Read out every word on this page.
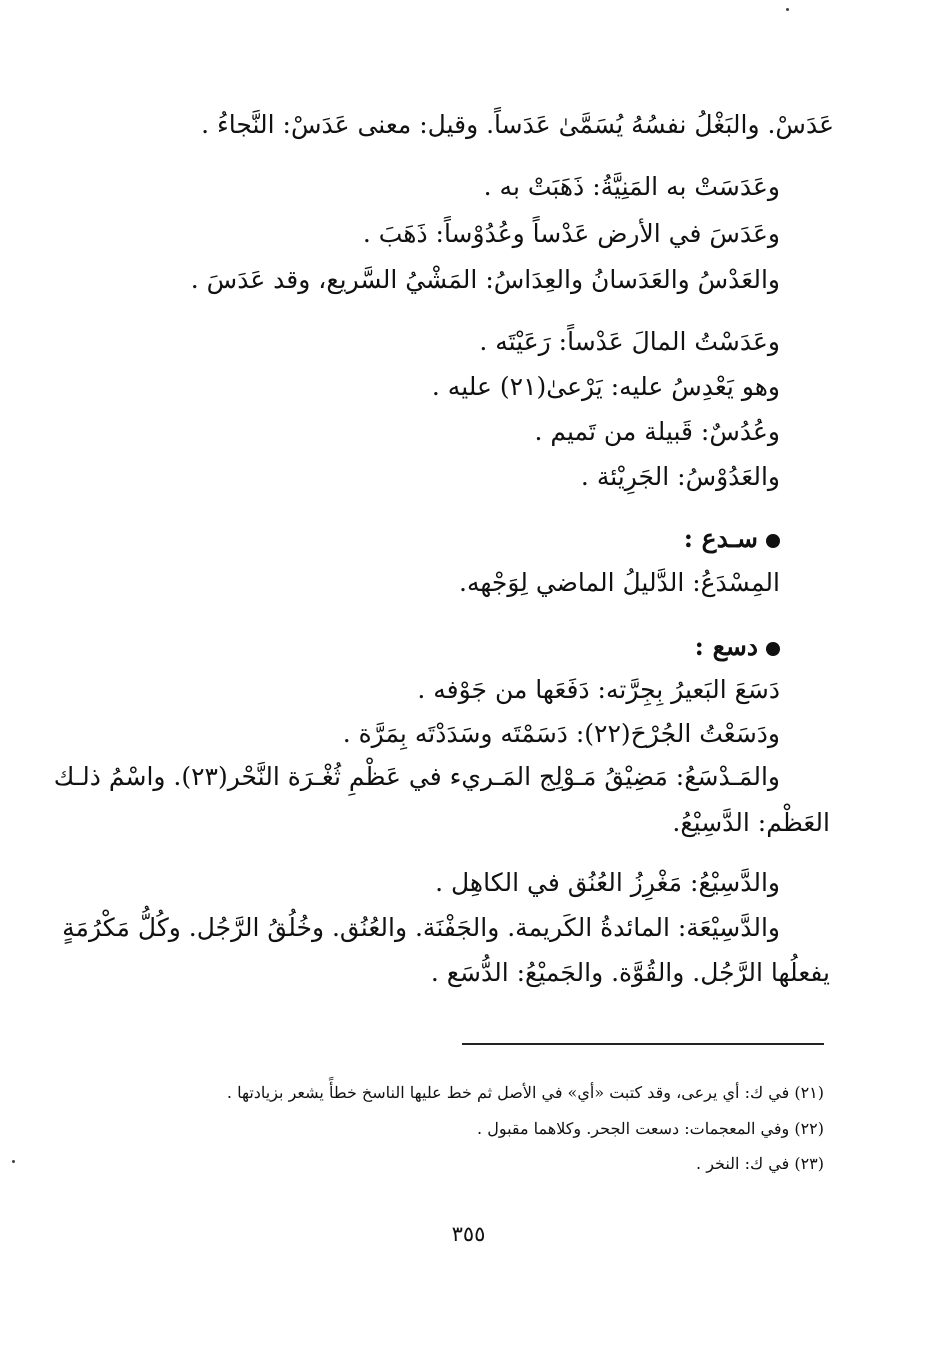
عَدَسْ. والبَغْلُ نفسُهُ يُسَمَّىٰ عَدَساً. وقيل: معنى عَدَسْ: النَّجاءُ .
وعَدَسَتْ به المَنِيَّةُ: ذَهَبَتْ به .
وعَدَسَ في الأرض عَدْساً وعُدُوْساً: ذَهَبَ .
والعَدْسُ والعَدَسانُ والعِدَاسُ: المَشْيُ السَّريع، وقد عَدَسَ .
وعَدَسْتُ المالَ عَدْساً: رَعَيْتَه .
وهو يَعْدِسُ عليه: يَرْعىٰ(٢١) عليه .
وعُدُسٌ: قَبيلة من تَميم .
والعَدُوْسُ: الجَرِيْئة .
سـدع :
المِسْدَعُ: الدَّليلُ الماضي لِوَجْهه.
دسع :
دَسَعَ البَعيرُ بِجِرَّته: دَفَعَها من جَوْفه .
ودَسَعْتُ الجُرْحَ(٢٢): دَسَمْتَه وسَدَدْتَه بِمَرَّة .
والمَـدْسَعُ: مَضِيْقُ مَـوْلِج المَـريء في عَظْمِ ثُغْـرَة النَّحْر(٢٣). واسْمُ ذلـك
العَظْم: الدَّسِيْعُ.
والدَّسِيْعُ: مَغْرِزُ العُنُق في الكاهِل .
والدَّسِيْعَة: المائدةُ الكَريمة. والجَفْنَة. والعُنُق. وخُلُقُ الرَّجُل. وكُلُّ مَكْرُمَةٍ
يفعلُها الرَّجُل. والقُوَّة. والجَميْعُ: الدُّسَع .
(٢١) في ك: أي يرعى، وقد كتبت «أي» في الأصل ثم خط عليها الناسخ خطأً يشعر بزيادتها .
(٢٢) وفي المعجمات: دسعت الجحر. وكلاهما مقبول .
(٢٣) في ك: النخر .
٣٥٥
